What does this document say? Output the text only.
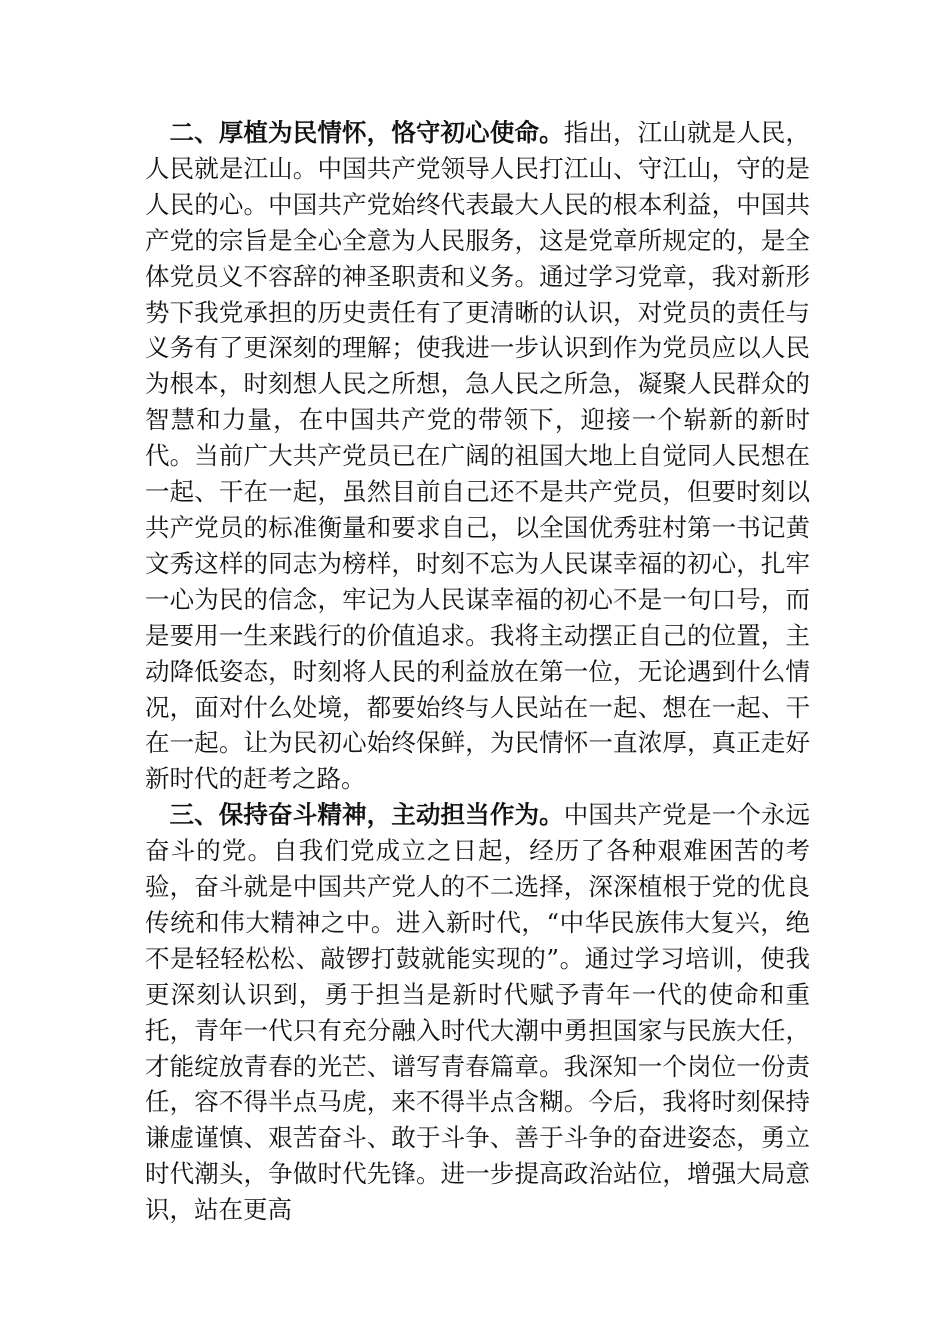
二、厚植为民情怀，恪守初心使命。指出，江山就是人民，人民就是江山。中国共产党领导人民打江山、守江山，守的是人民的心。中国共产党始终代表最大人民的根本利益，中国共产党的宗旨是全心全意为人民服务，这是党章所规定的，是全体党员义不容辞的神圣职责和义务。通过学习党章，我对新形势下我党承担的历史责任有了更清晰的认识，对党员的责任与义务有了更深刻的理解；使我进一步认识到作为党员应以人民为根本，时刻想人民之所想，急人民之所急，凝聚人民群众的智慧和力量，在中国共产党的带领下，迎接一个崭新的新时代。当前广大共产党员已在广阔的祖国大地上自觉同人民想在一起、干在一起，虽然目前自己还不是共产党员，但要时刻以共产党员的标准衡量和要求自己，以全国优秀驻村第一书记黄文秀这样的同志为榜样，时刻不忘为人民谋幸福的初心，扎牢一心为民的信念，牢记为人民谋幸福的初心不是一句口号，而是要用一生来践行的价值追求。我将主动摆正自己的位置，主动降低姿态，时刻将人民的利益放在第一位，无论遇到什么情况，面对什么处境，都要始终与人民站在一起、想在一起、干在一起。让为民初心始终保鲜，为民情怀一直浓厚，真正走好新时代的赶考之路。

三、保持奋斗精神，主动担当作为。中国共产党是一个永远奋斗的党。自我们党成立之日起，经历了各种艰难困苦的考验，奋斗就是中国共产党人的不二选择，深深植根于党的优良传统和伟大精神之中。进入新时代，“中华民族伟大复兴，绝不是轻轻松松、敲锣打鼓就能实现的”。通过学习培训，使我更深刻认识到，勇于担当是新时代赋予青年一代的使命和重托，青年一代只有充分融入时代大潮中勇担国家与民族大任，才能绽放青春的光芒、谱写青春篇章。我深知一个岗位一份责任，容不得半点马虎，来不得半点含糊。今后，我将时刻保持谦虚谨慎、艰苦奋斗、敢于斗争、善于斗争的奋进姿态，勇立时代潮头，争做时代先锋。进一步提高政治站位，增强大局意识，站在更高
